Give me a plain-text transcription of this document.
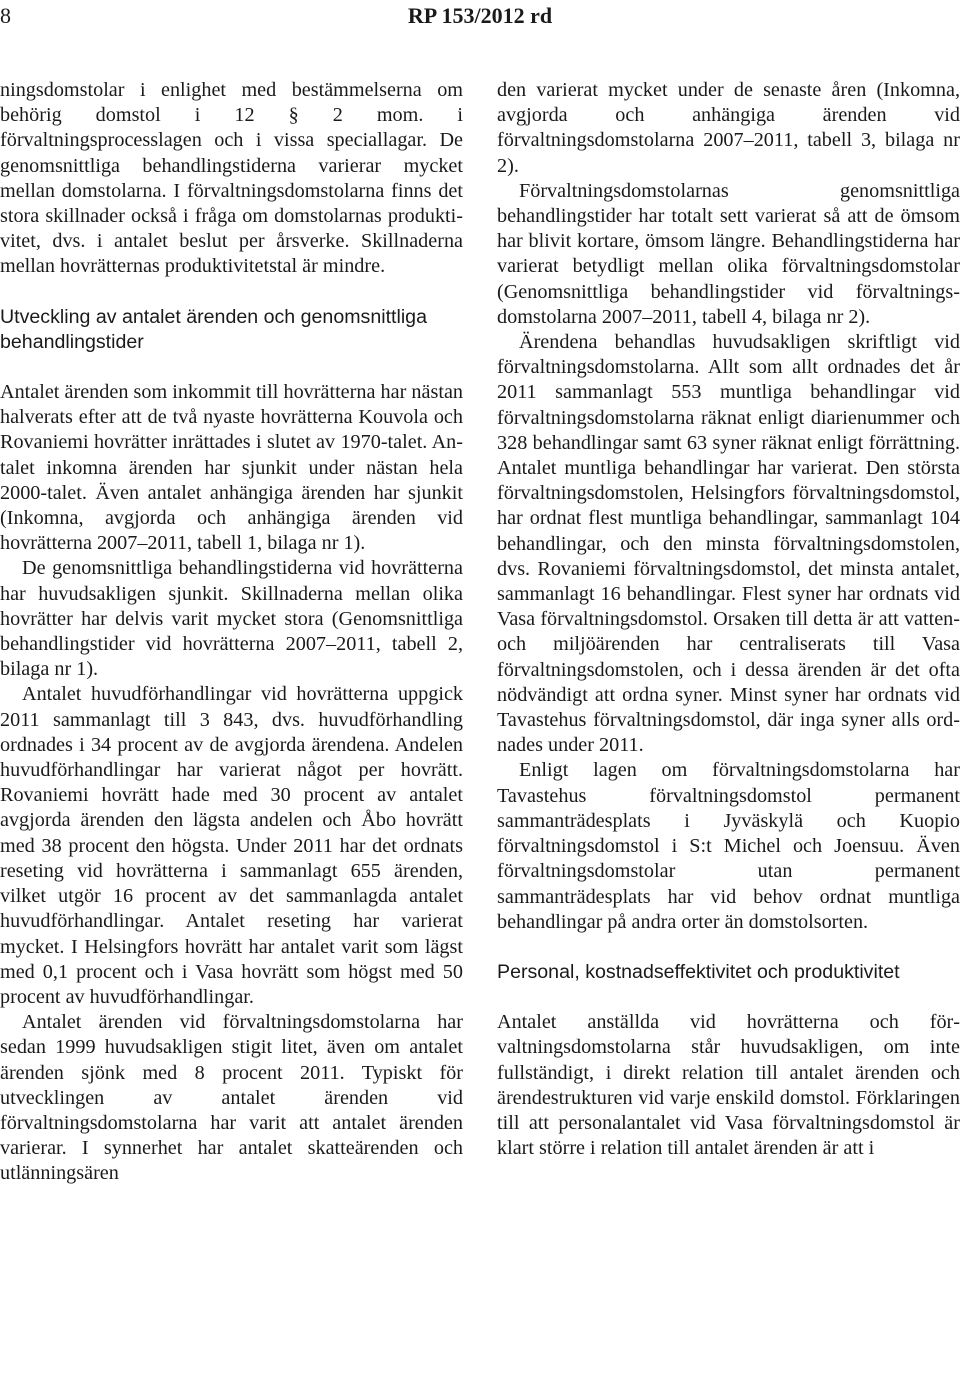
8	RP 153/2012 rd

ningsdomstolar i enlighet med bestämmelserna om behörig domstol i 12 § 2 mom. i förvaltningsprocesslagen och i vissa speciallagar. De genomsnittliga behandlingstiderna varierar mycket mellan domstolarna. I förvaltningsdomstolarna finns det stora skillnader också i fråga om domstolarnas produktivitet, dvs. i antalet beslut per årsverke. Skillnaderna mellan hovrätternas produktivitetstal är mindre.

Utveckling av antalet ärenden och genomsnittliga behandlingstider

Antalet ärenden som inkommit till hovrätterna har nästan halverats efter att de två nyaste hovrätterna Kouvola och Rovaniemi hovrätter inrättades i slutet av 1970-talet. Antalet inkomna ärenden har sjunkit under nästan hela 2000-talet. Även antalet anhängiga ärenden har sjunkit (Inkomna, avgjorda och anhängiga ärenden vid hovrätterna 2007–2011, tabell 1, bilaga nr 1).

De genomsnittliga behandlingstiderna vid hovrätterna har huvudsakligen sjunkit. Skillnaderna mellan olika hovrätter har delvis varit mycket stora (Genomsnittliga behandlingstider vid hovrätterna 2007–2011, tabell 2, bilaga nr 1).

Antalet huvudförhandlingar vid hovrätterna uppgick 2011 sammanlagt till 3 843, dvs. huvudförhandling ordnades i 34 procent av de avgjorda ärendena. Andelen huvudförhandlingar har varierat något per hovrätt. Rovaniemi hovrätt hade med 30 procent av antalet avgjorda ärenden den lägsta andelen och Åbo hovrätt med 38 procent den högsta. Under 2011 har det ordnats reseting vid hovrätterna i sammanlagt 655 ärenden, vilket utgör 16 procent av det sammanlagda antalet huvudförhandlingar. Antalet reseting har varierat mycket. I Helsingfors hovrätt har antalet varit som lägst med 0,1 procent och i Vasa hovrätt som högst med 50 procent av huvudförhandlingar.

Antalet ärenden vid förvaltningsdomstolarna har sedan 1999 huvudsakligen stigit litet, även om antalet ärenden sjönk med 8 procent 2011. Typiskt för utvecklingen av antalet ärenden vid förvaltningsdomstolarna har varit att antalet ärenden varierar. I synnerhet har antalet skatteärenden och utlänningsären

den varierat mycket under de senaste åren (Inkomna, avgjorda och anhängiga ärenden vid förvaltningsdomstolarna 2007–2011, tabell 3, bilaga nr 2).

Förvaltningsdomstolarnas genomsnittliga behandlingstider har totalt sett varierat så att de ömsom har blivit kortare, ömsom längre. Behandlingstiderna har varierat betydligt mellan olika förvaltningsdomstolar (Genomsnittliga behandlingstider vid förvaltningsdomstolarna 2007–2011, tabell 4, bilaga nr 2).

Ärendena behandlas huvudsakligen skriftligt vid förvaltningsdomstolarna. Allt som allt ordnades det år 2011 sammanlagt 553 muntliga behandlingar vid förvaltningsdomstolarna räknat enligt diarienummer och 328 behandlingar samt 63 syner räknat enligt förrättning. Antalet muntliga behandlingar har varierat. Den största förvaltningsdomstolen, Helsingfors förvaltningsdomstol, har ordnat flest muntliga behandlingar, sammanlagt 104 behandlingar, och den minsta förvaltningsdomstolen, dvs. Rovaniemi förvaltningsdomstol, det minsta antalet, sammanlagt 16 behandlingar. Flest syner har ordnats vid Vasa förvaltningsdomstol. Orsaken till detta är att vatten- och miljöärenden har centraliserats till Vasa förvaltningsdomstolen, och i dessa ärenden är det ofta nödvändigt att ordna syner. Minst syner har ordnats vid Tavastehus förvaltningsdomstol, där inga syner alls ordnades under 2011.

Enligt lagen om förvaltningsdomstolarna har Tavastehus förvaltningsdomstol permanent sammanträdesplats i Jyväskylä och Kuopio förvaltningsdomstol i S:t Michel och Joensuu. Även förvaltningsdomstolar utan permanent sammanträdesplats har vid behov ordnat muntliga behandlingar på andra orter än domstolsorten.

Personal, kostnadseffektivitet och produktivitet

Antalet anställda vid hovrätterna och förvaltningsdomstolarna står huvudsakligen, om inte fullständigt, i direkt relation till antalet ärenden och ärendestrukturen vid varje enskild domstol. Förklaringen till att personalantalet vid Vasa förvaltningsdomstol är klart större i relation till antalet ärenden är att i
